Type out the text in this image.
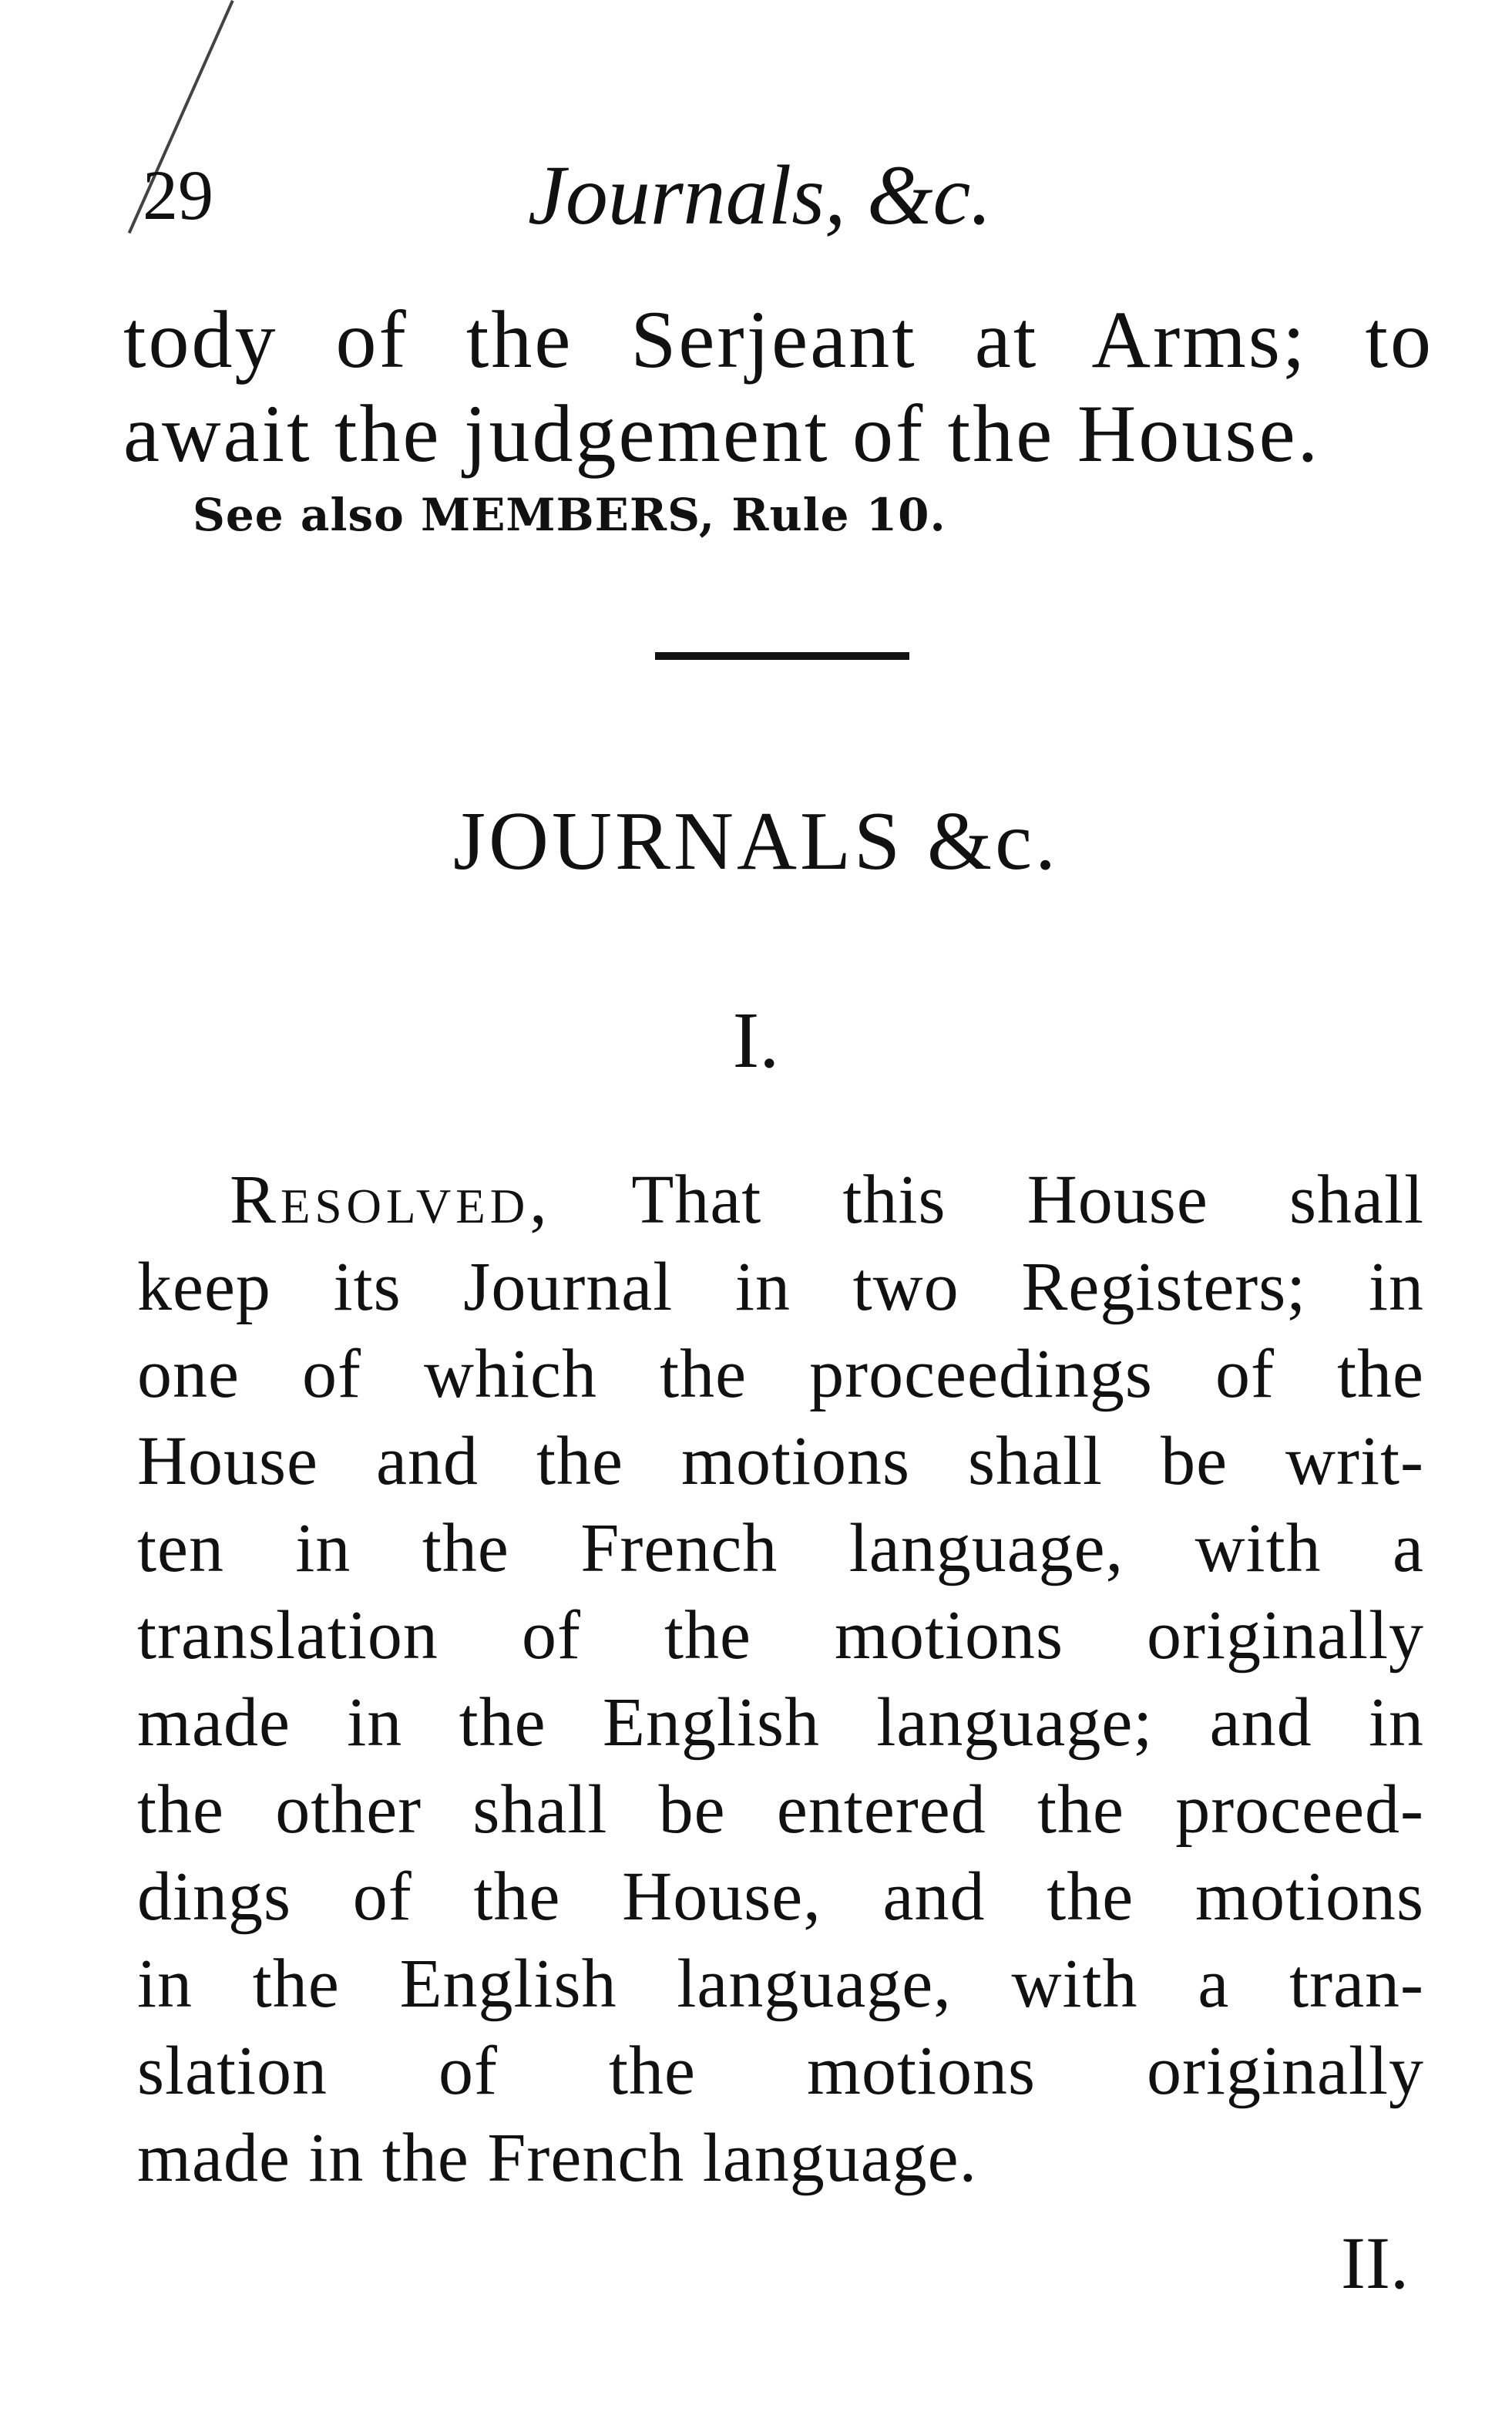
29	Journals, &c.
tody of the Serjeant at Arms; to
await the judgement of the House.
See also MEMBERS, Rule 10.
JOURNALS &c.
I.
Resolved, That this House shall
keep its Journal in two Registers; in
one of which the proceedings of the
House and the motions shall be writ-
ten in the French language, with a
translation of the motions originally
made in the English language; and in
the other shall be entered the proceed-
dings of the House, and the motions
in the English language, with a tran-
slation of the motions originally
made in the French language.
II.
